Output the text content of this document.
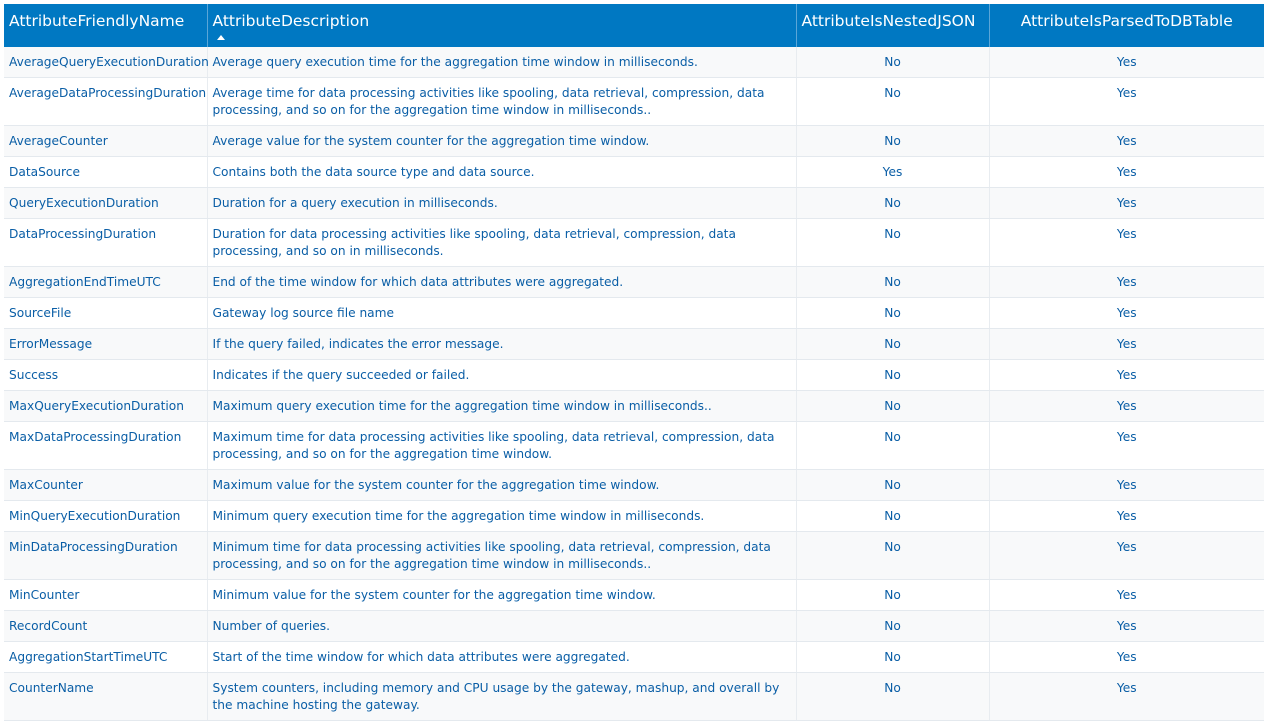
AttributeFriendlyName	AttributeDescription	AttributeIsNestedJSON	AttributeIsParsedToDBTable

AverageQueryExecutionDuration	Average query execution time for the aggregation time window in milliseconds.	No	Yes
AverageDataProcessingDuration	Average time for data processing activities like spooling, data retrieval, compression, data processing, and so on for the aggregation time window in milliseconds..	No	Yes
AverageCounter	Average value for the system counter for the aggregation time window.	No	Yes
DataSource	Contains both the data source type and data source.	Yes	Yes
QueryExecutionDuration	Duration for a query execution in milliseconds.	No	Yes
DataProcessingDuration	Duration for data processing activities like spooling, data retrieval, compression, data processing, and so on in milliseconds.	No	Yes
AggregationEndTimeUTC	End of the time window for which data attributes were aggregated.	No	Yes
SourceFile	Gateway log source file name	No	Yes
ErrorMessage	If the query failed, indicates the error message.	No	Yes
Success	Indicates if the query succeeded or failed.	No	Yes
MaxQueryExecutionDuration	Maximum query execution time for the aggregation time window in milliseconds..	No	Yes
MaxDataProcessingDuration	Maximum time for data processing activities like spooling, data retrieval, compression, data processing, and so on for the aggregation time window.	No	Yes
MaxCounter	Maximum value for the system counter for the aggregation time window.	No	Yes
MinQueryExecutionDuration	Minimum query execution time for the aggregation time window in milliseconds.	No	Yes
MinDataProcessingDuration	Minimum time for data processing activities like spooling, data retrieval, compression, data processing, and so on for the aggregation time window in milliseconds..	No	Yes
MinCounter	Minimum value for the system counter for the aggregation time window.	No	Yes
RecordCount	Number of queries.	No	Yes
AggregationStartTimeUTC	Start of the time window for which data attributes were aggregated.	No	Yes
CounterName	System counters, including memory and CPU usage by the gateway, mashup, and overall by the machine hosting the gateway.	No	Yes
